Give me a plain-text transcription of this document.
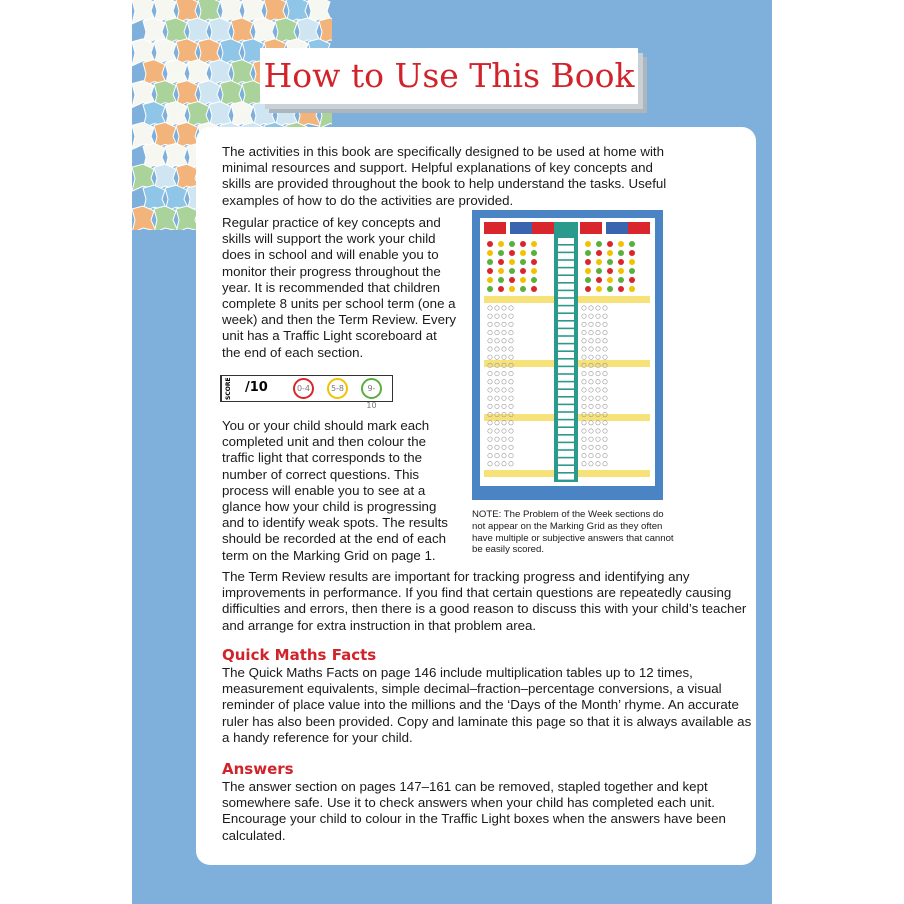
How to Use This Book
The activities in this book are specifically designed to be used at home with minimal resources and support. Helpful explanations of key concepts and skills are provided throughout the book to help understand the tasks. Useful examples of how to do the activities are provided.
Regular practice of key concepts and skills will support the work your child does in school and will enable you to monitor their progress throughout the year. It is recommended that children complete 8 units per school term (one a week) and then the Term Review. Every unit has a Traffic Light scoreboard at the end of each section.
SCORE	/10	0-4	5-8	9-10
You or your child should mark each completed unit and then colour the traffic light that corresponds to the number of correct questions. This process will enable you to see at a glance how your child is progressing and to identify weak spots. The results should be recorded at the end of each term on the Marking Grid on page 1.
NOTE: The Problem of the Week sections do not appear on the Marking Grid as they often have multiple or subjective answers that cannot be easily scored.
The Term Review results are important for tracking progress and identifying any improvements in performance. If you find that certain questions are repeatedly causing difficulties and errors, then there is a good reason to discuss this with your child’s teacher and arrange for extra instruction in that problem area.
Quick Maths Facts
The Quick Maths Facts on page 146 include multiplication tables up to 12 times, measurement equivalents, simple decimal–fraction–percentage conversions, a visual reminder of place value into the millions and the ‘Days of the Month’ rhyme. An accurate ruler has also been provided. Copy and laminate this page so that it is always available as a handy reference for your child.
Answers
The answer section on pages 147–161 can be removed, stapled together and kept somewhere safe. Use it to check answers when your child has completed each unit. Encourage your child to colour in the Traffic Light boxes when the answers have been calculated.
